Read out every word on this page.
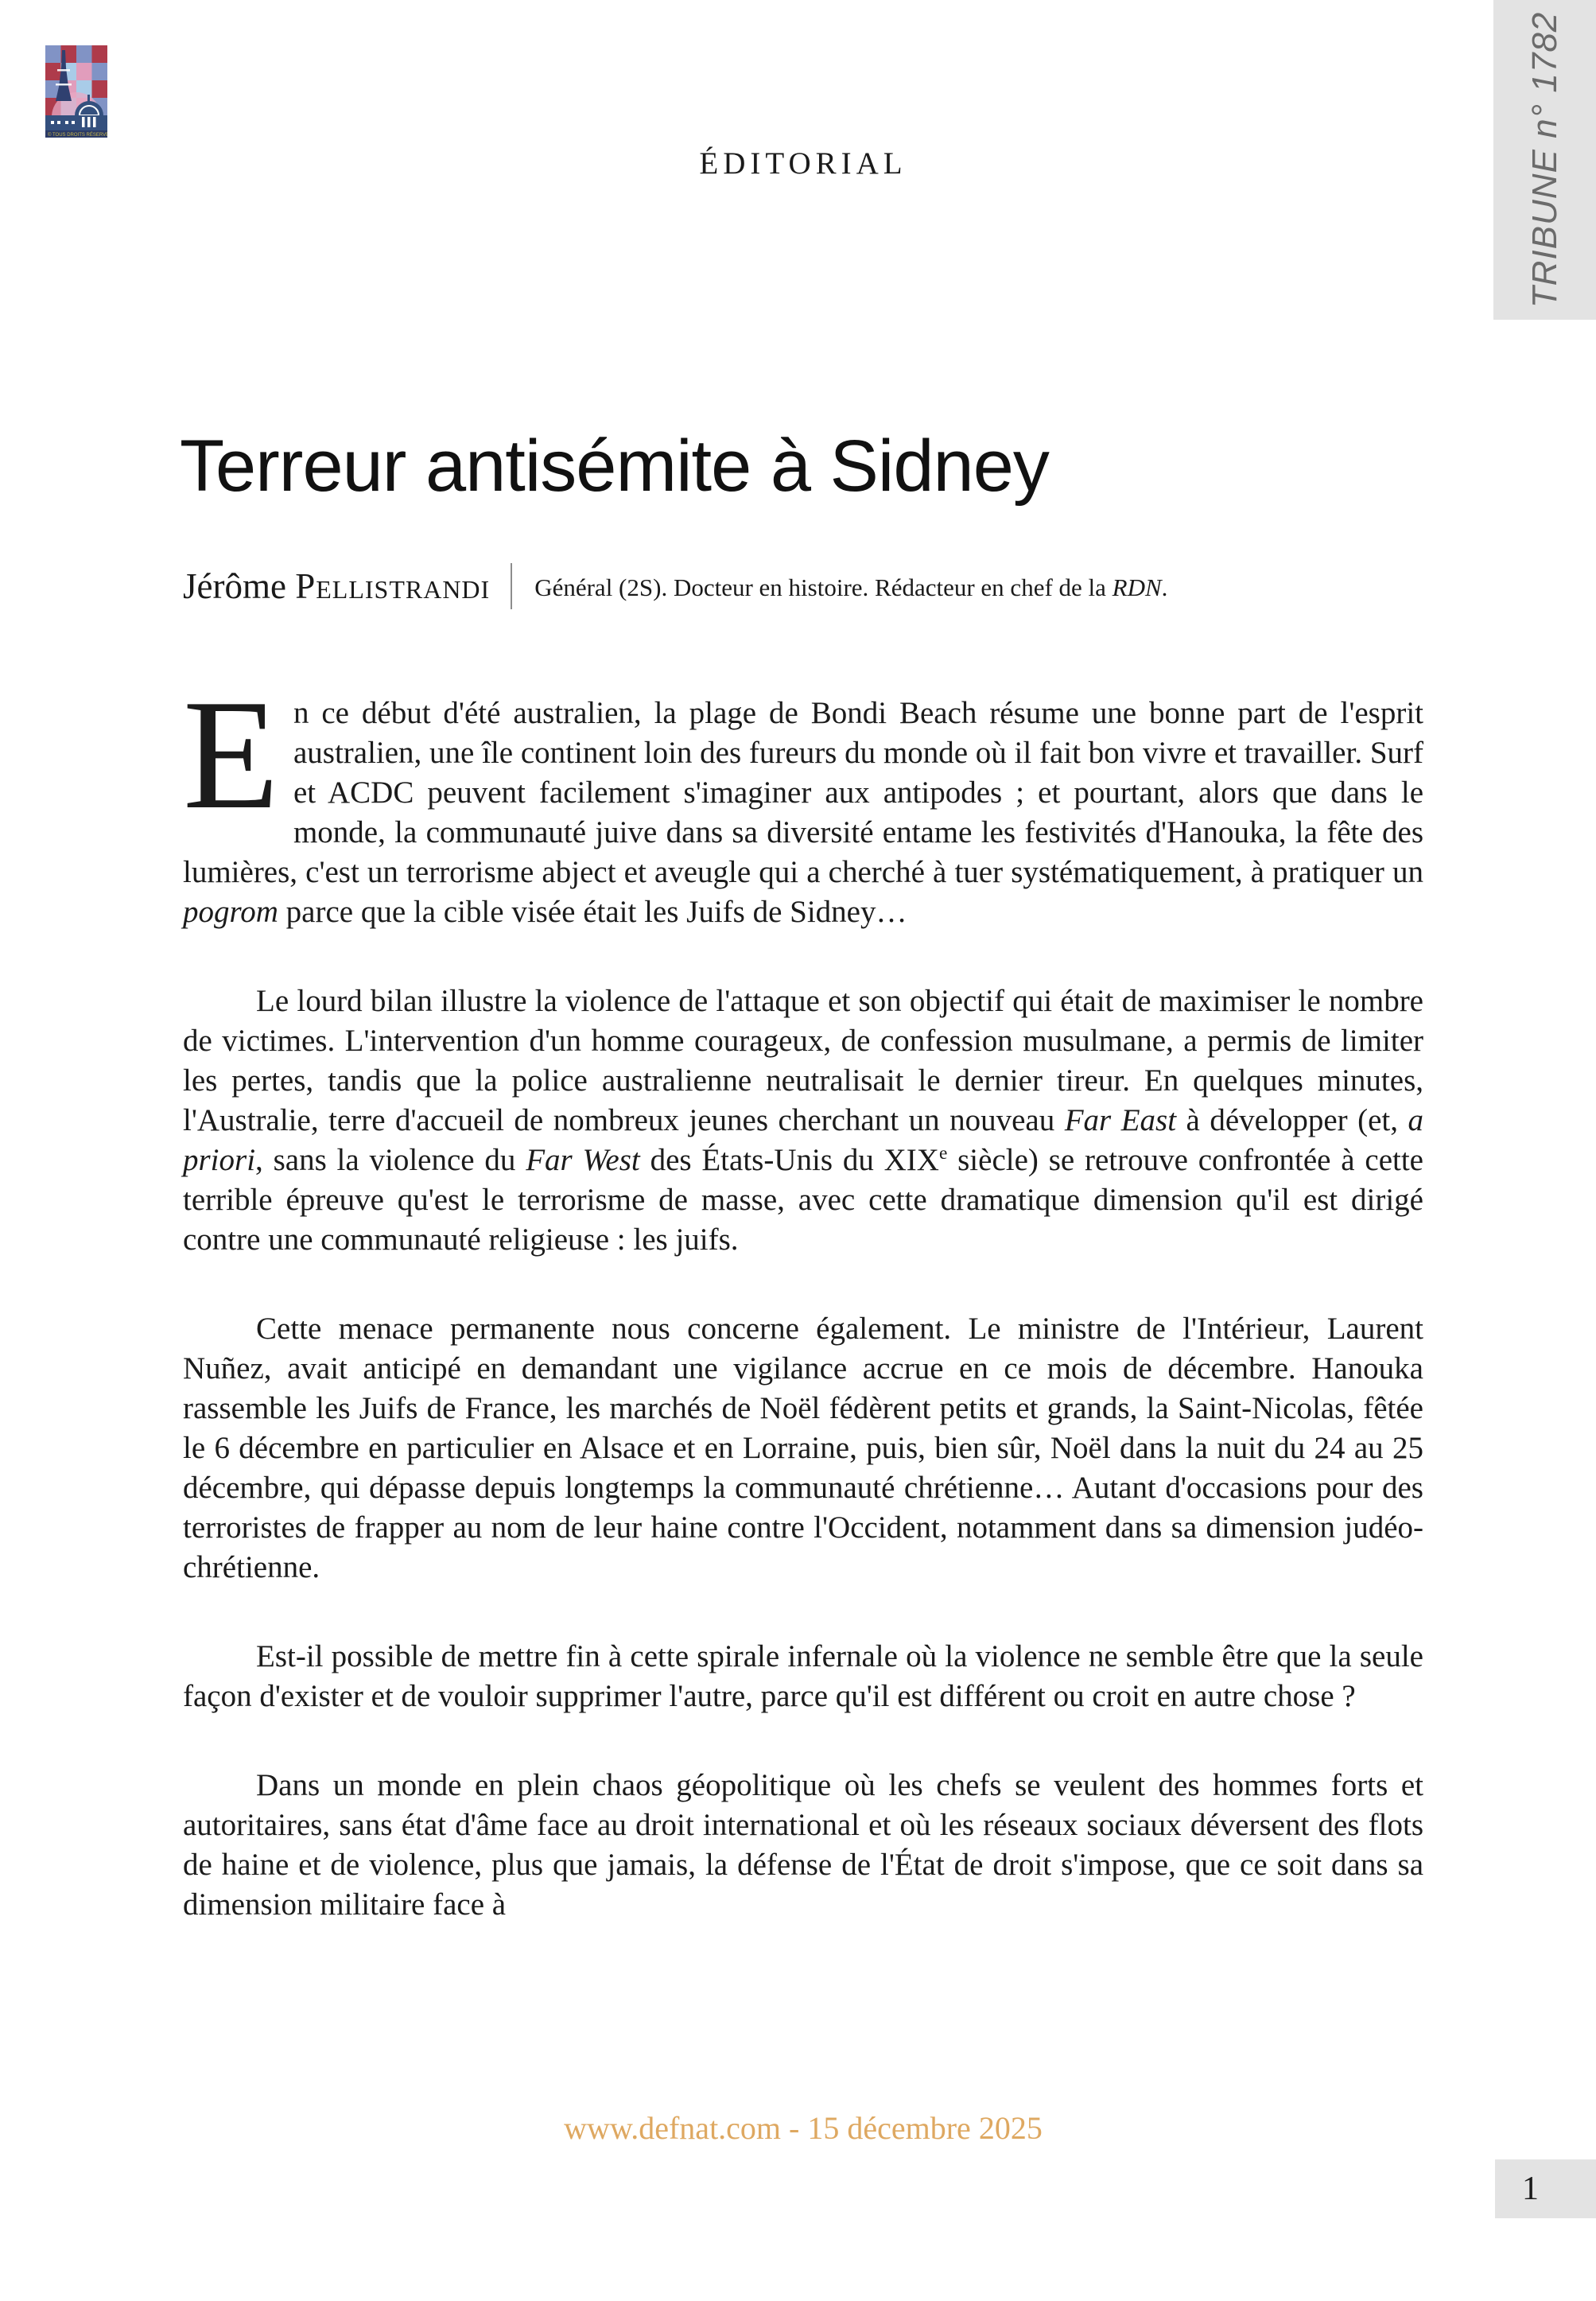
© TOUS DROITS RÉSERVÉS
ÉDITORIAL
Terreur antisémite à Sidney
Jérôme Pellistrandi Général (2S). Docteur en histoire. Rédacteur en chef de la RDN.

En ce début d'été australien, la plage de Bondi Beach résume une bonne part de l'esprit australien, une île continent loin des fureurs du monde où il fait bon vivre et travailler. Surf et ACDC peuvent facilement s'imaginer aux antipodes ; et pourtant, alors que dans le monde, la communauté juive dans sa diversité entame les festivités d'Hanouka, la fête des lumières, c'est un terrorisme abject et aveugle qui a cherché à tuer systématiquement, à pratiquer un pogrom parce que la cible visée était les Juifs de Sidney…

Le lourd bilan illustre la violence de l'attaque et son objectif qui était de maximiser le nombre de victimes. L'intervention d'un homme courageux, de confession musulmane, a permis de limiter les pertes, tandis que la police australienne neutralisait le dernier tireur. En quelques minutes, l'Australie, terre d'accueil de nombreux jeunes cherchant un nouveau Far East à développer (et, a priori, sans la violence du Far West des États-Unis du XIXe siècle) se retrouve confrontée à cette terrible épreuve qu'est le terrorisme de masse, avec cette dramatique dimension qu'il est dirigé contre une communauté religieuse : les juifs.

Cette menace permanente nous concerne également. Le ministre de l'Intérieur, Laurent Nuñez, avait anticipé en demandant une vigilance accrue en ce mois de décembre. Hanouka rassemble les Juifs de France, les marchés de Noël fédèrent petits et grands, la Saint-Nicolas, fêtée le 6 décembre en particulier en Alsace et en Lorraine, puis, bien sûr, Noël dans la nuit du 24 au 25 décembre, qui dépasse depuis longtemps la communauté chrétienne… Autant d'occasions pour des terroristes de frapper au nom de leur haine contre l'Occident, notamment dans sa dimension judéo-chrétienne.

Est-il possible de mettre fin à cette spirale infernale où la violence ne semble être que la seule façon d'exister et de vouloir supprimer l'autre, parce qu'il est différent ou croit en autre chose ?

Dans un monde en plein chaos géopolitique où les chefs se veulent des hommes forts et autoritaires, sans état d'âme face au droit international et où les réseaux sociaux déversent des flots de haine et de violence, plus que jamais, la défense de l'État de droit s'impose, que ce soit dans sa dimension militaire face à

www.defnat.com - 15 décembre 2025
TRIBUNE n° 1782
1
